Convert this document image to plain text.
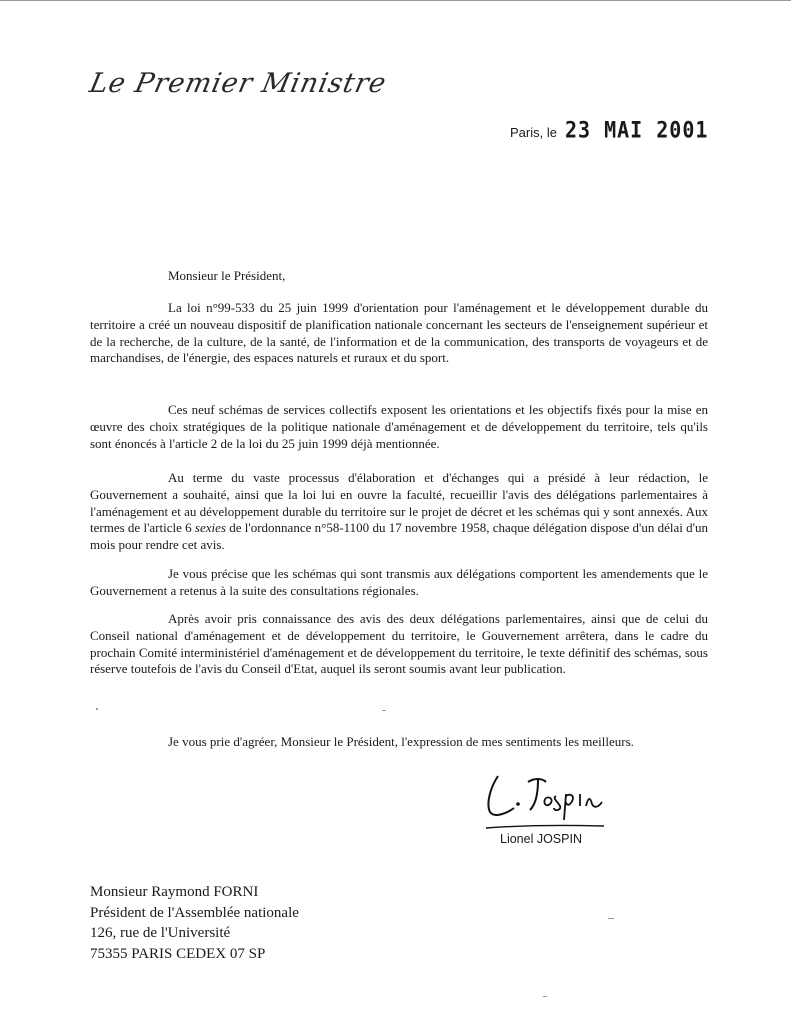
Le Premier Ministre
Paris, le 23 MAI 2001
Monsieur le Président,

La loi n°99-533 du 25 juin 1999 d'orientation pour l'aménagement et le développement durable du territoire a créé un nouveau dispositif de planification nationale concernant les secteurs de l'enseignement supérieur et de la recherche, de la culture, de la santé, de l'information et de la communication, des transports de voyageurs et de marchandises, de l'énergie, des espaces naturels et ruraux et du sport.

Ces neuf schémas de services collectifs exposent les orientations et les objectifs fixés pour la mise en œuvre des choix stratégiques de la politique nationale d'aménagement et de développement du territoire, tels qu'ils sont énoncés à l'article 2 de la loi du 25 juin 1999 déjà mentionnée.

Au terme du vaste processus d'élaboration et d'échanges qui a présidé à leur rédaction, le Gouvernement a souhaité, ainsi que la loi lui en ouvre la faculté, recueillir l'avis des délégations parlementaires à l'aménagement et au développement durable du territoire sur le projet de décret et les schémas qui y sont annexés. Aux termes de l'article 6 sexies de l'ordonnance n°58-1100 du 17 novembre 1958, chaque délégation dispose d'un délai d'un mois pour rendre cet avis.

Je vous précise que les schémas qui sont transmis aux délégations comportent les amendements que le Gouvernement a retenus à la suite des consultations régionales.

Après avoir pris connaissance des avis des deux délégations parlementaires, ainsi que de celui du Conseil national d'aménagement et de développement du territoire, le Gouvernement arrêtera, dans le cadre du prochain Comité interministériel d'aménagement et de développement du territoire, le texte définitif des schémas, sous réserve toutefois de l'avis du Conseil d'Etat, auquel ils seront soumis avant leur publication.

Je vous prie d'agréer, Monsieur le Président, l'expression de mes sentiments les meilleurs.
Lionel JOSPIN
Monsieur Raymond FORNI
Président de l'Assemblée nationale
126, rue de l'Université
75355 PARIS CEDEX 07 SP
